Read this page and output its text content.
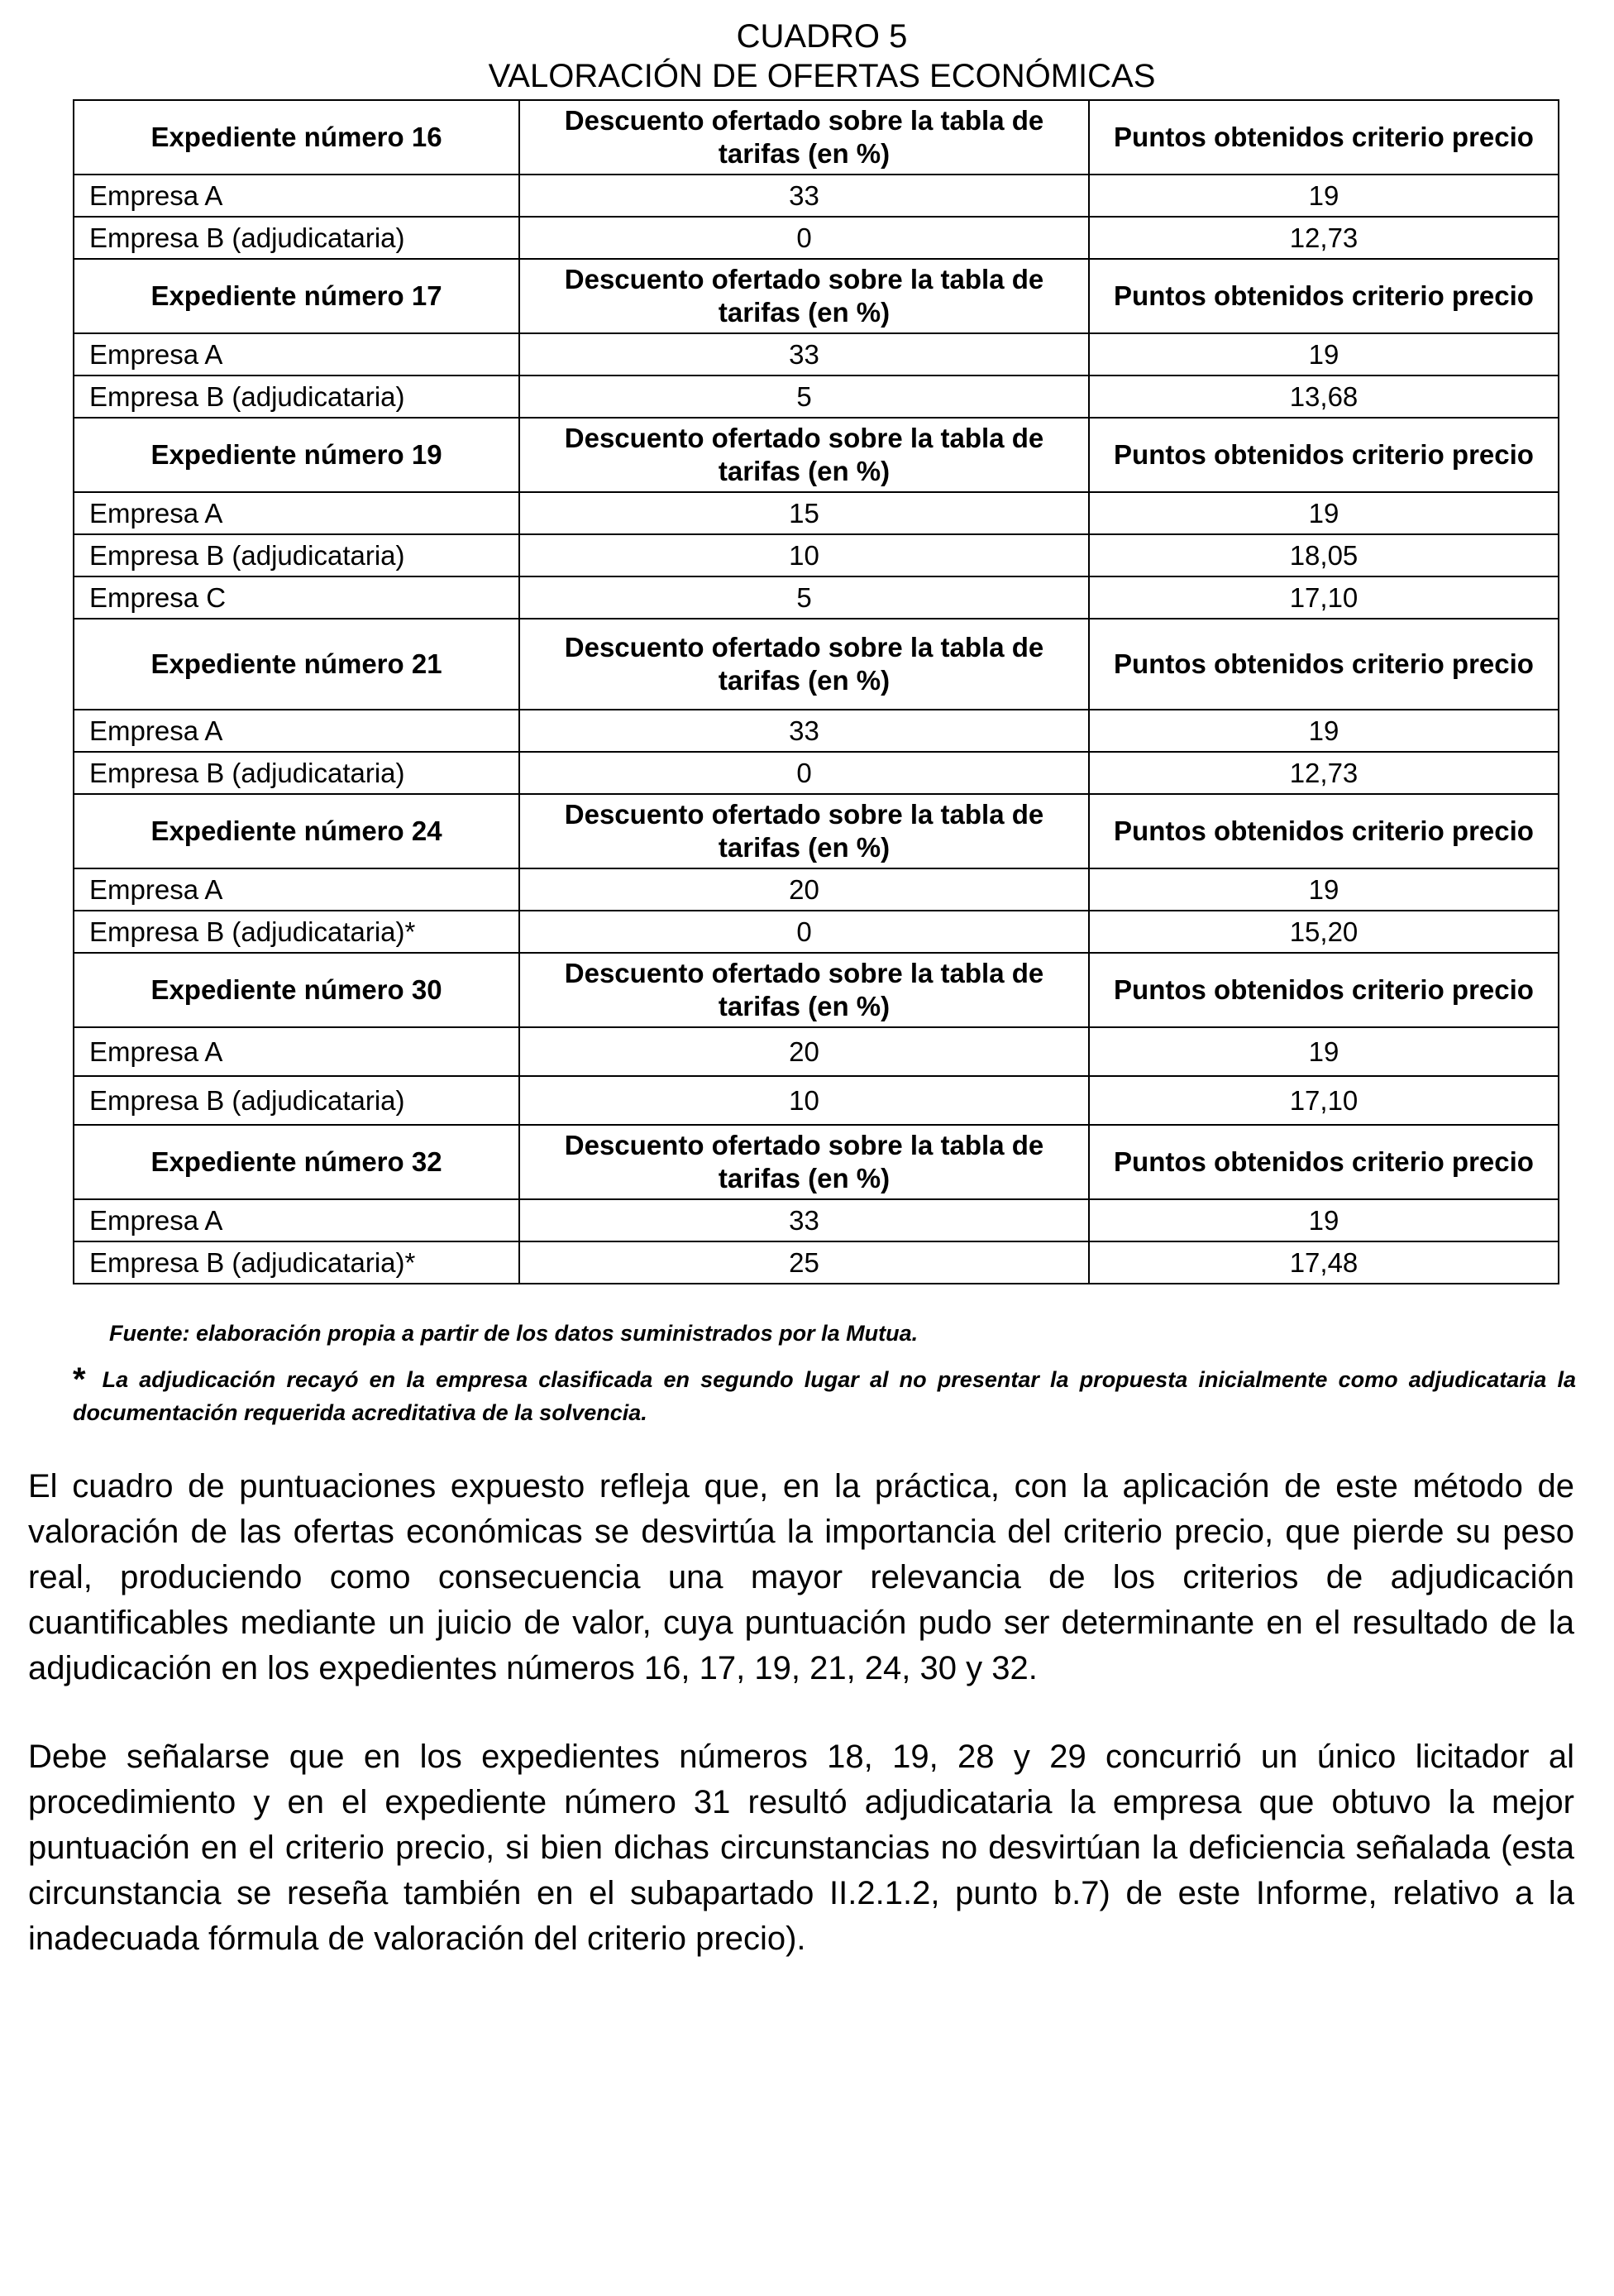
CUADRO 5
VALORACIÓN DE OFERTAS ECONÓMICAS
Expediente número 16	Descuento ofertado sobre la tabla de tarifas (en %)	Puntos obtenidos criterio precio
Empresa A	33	19
Empresa B (adjudicataria)	0	12,73
Expediente número 17	Descuento ofertado sobre la tabla de tarifas (en %)	Puntos obtenidos criterio precio
Empresa A	33	19
Empresa B (adjudicataria)	5	13,68
Expediente número 19	Descuento ofertado sobre la tabla de tarifas (en %)	Puntos obtenidos criterio precio
Empresa A	15	19
Empresa B (adjudicataria)	10	18,05
Empresa C	5	17,10
Expediente número 21	Descuento ofertado sobre la tabla de tarifas (en %)	Puntos obtenidos criterio precio
Empresa A	33	19
Empresa B (adjudicataria)	0	12,73
Expediente número 24	Descuento ofertado sobre la tabla de tarifas (en %)	Puntos obtenidos criterio precio
Empresa A	20	19
Empresa B (adjudicataria)*	0	15,20
Expediente número 30	Descuento ofertado sobre la tabla de tarifas (en %)	Puntos obtenidos criterio precio
Empresa A	20	19
Empresa B (adjudicataria)	10	17,10
Expediente número 32	Descuento ofertado sobre la tabla de tarifas (en %)	Puntos obtenidos criterio precio
Empresa A	33	19
Empresa B (adjudicataria)*	25	17,48
Fuente: elaboración propia a partir de los datos suministrados por la Mutua.
* La adjudicación recayó en la empresa clasificada en segundo lugar al no presentar la propuesta inicialmente como adjudicataria la documentación requerida acreditativa de la solvencia.
El cuadro de puntuaciones expuesto refleja que, en la práctica, con la aplicación de este método de valoración de las ofertas económicas se desvirtúa la importancia del criterio precio, que pierde su peso real, produciendo como consecuencia una mayor relevancia de los criterios de adjudicación cuantificables mediante un juicio de valor, cuya puntuación pudo ser determinante en el resultado de la adjudicación en los expedientes números 16, 17, 19, 21, 24, 30 y 32.
Debe señalarse que en los expedientes números 18, 19, 28 y 29 concurrió un único licitador al procedimiento y en el expediente número 31 resultó adjudicataria la empresa que obtuvo la mejor puntuación en el criterio precio, si bien dichas circunstancias no desvirtúan la deficiencia señalada (esta circunstancia se reseña también en el subapartado II.2.1.2, punto b.7) de este Informe, relativo a la inadecuada fórmula de valoración del criterio precio).
